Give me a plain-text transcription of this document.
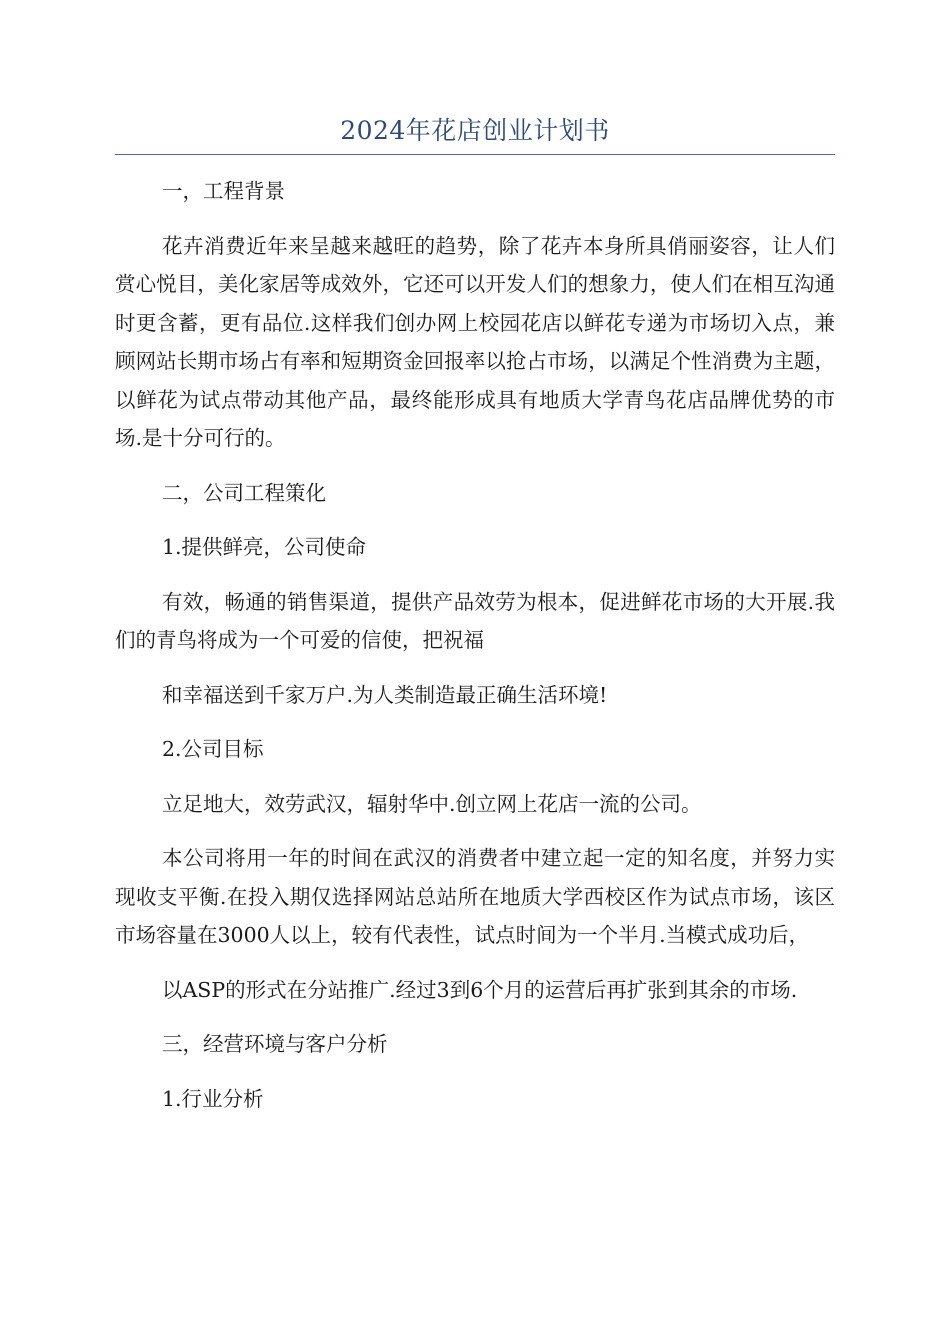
2024年花店创业计划书

一，工程背景

花卉消费近年来呈越来越旺的趋势，除了花卉本身所具俏丽姿容，让人们赏心悦目，美化家居等成效外，它还可以开发人们的想象力，使人们在相互沟通时更含蓄，更有品位.这样我们创办网上校园花店以鲜花专递为市场切入点，兼顾网站长期市场占有率和短期资金回报率以抢占市场，以满足个性消费为主题，以鲜花为试点带动其他产品，最终能形成具有地质大学青鸟花店品牌优势的市场.是十分可行的。

二，公司工程策化

1.提供鲜亮，公司使命

有效，畅通的销售渠道，提供产品效劳为根本，促进鲜花市场的大开展.我们的青鸟将成为一个可爱的信使，把祝福

和幸福送到千家万户.为人类制造最正确生活环境!

2.公司目标

立足地大，效劳武汉，辐射华中.创立网上花店一流的公司。

本公司将用一年的时间在武汉的消费者中建立起一定的知名度，并努力实现收支平衡.在投入期仅选择网站总站所在地质大学西校区作为试点市场，该区市场容量在3000人以上，较有代表性，试点时间为一个半月.当模式成功后，

以ASP的形式在分站推广.经过3到6个月的运营后再扩张到其余的市场.

三，经营环境与客户分析

1.行业分析
